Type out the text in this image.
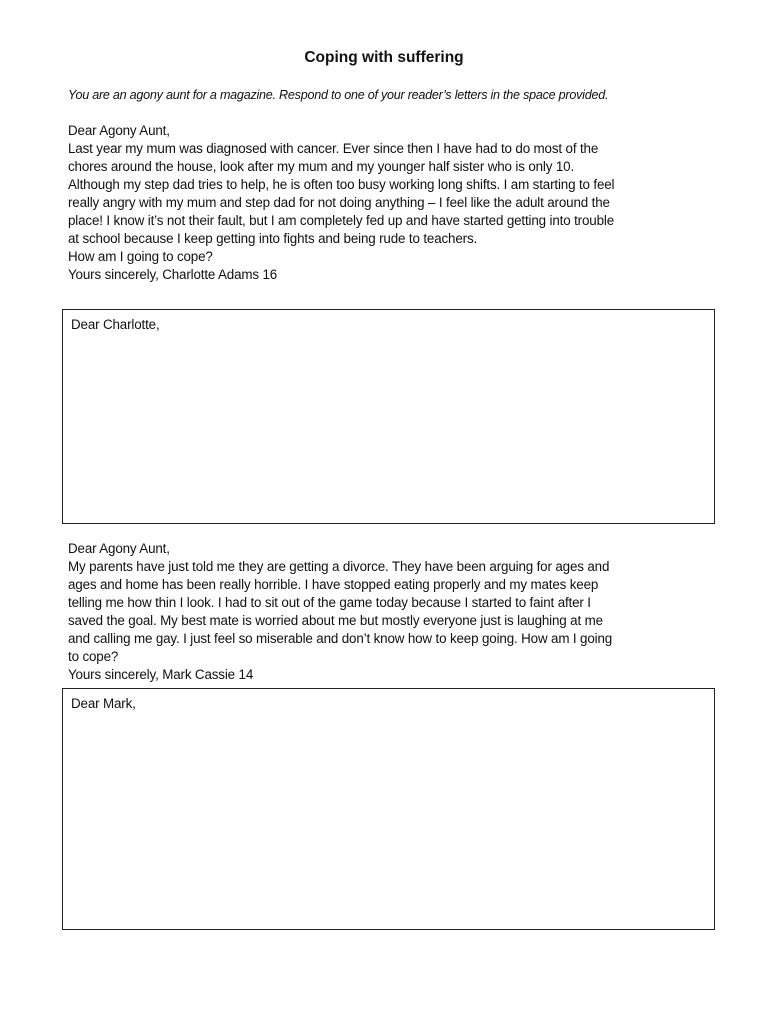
Coping with suffering

You are an agony aunt for a magazine. Respond to one of your reader’s letters in the space provided.

Dear Agony Aunt,
Last year my mum was diagnosed with cancer. Ever since then I have had to do most of the
chores around the house, look after my mum and my younger half sister who is only 10.
Although my step dad tries to help, he is often too busy working long shifts. I am starting to feel
really angry with my mum and step dad for not doing anything – I feel like the adult around the
place! I know it’s not their fault, but I am completely fed up and have started getting into trouble
at school because I keep getting into fights and being rude to teachers.
How am I going to cope?
Yours sincerely, Charlotte Adams 16
Dear Charlotte,
Dear Agony Aunt,
My parents have just told me they are getting a divorce. They have been arguing for ages and
ages and home has been really horrible. I have stopped eating properly and my mates keep
telling me how thin I look. I had to sit out of the game today because I started to faint after I
saved the goal. My best mate is worried about me but mostly everyone just is laughing at me
and calling me gay. I just feel so miserable and don’t know how to keep going. How am I going
to cope?
Yours sincerely, Mark Cassie 14
Dear Mark,
